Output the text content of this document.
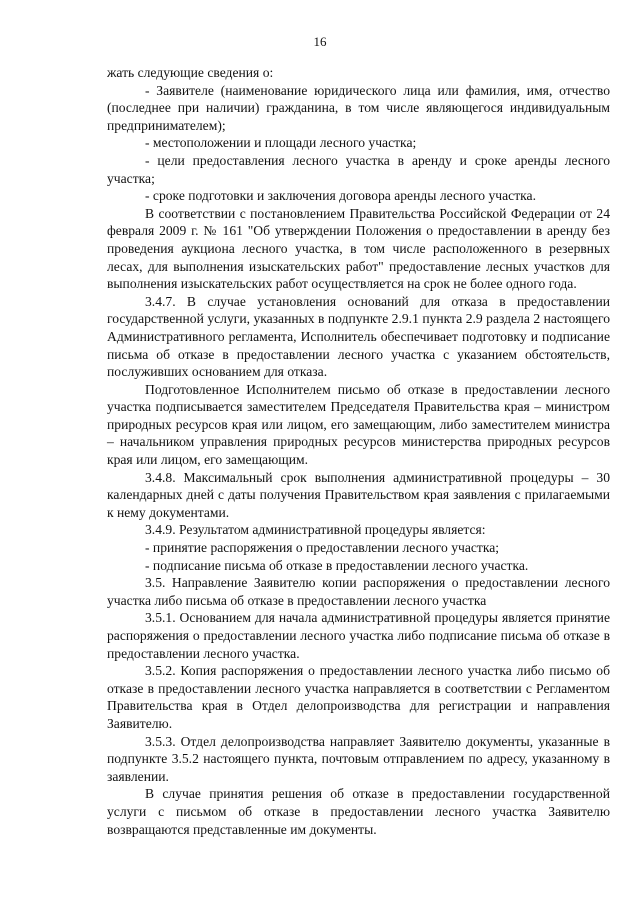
16

жать следующие сведения о:

- Заявителе (наименование юридического лица или фамилия, имя, отчество (последнее при наличии) гражданина, в том числе являющегося индивидуальным предпринимателем);

- местоположении и площади лесного участка;

- цели предоставления лесного участка в аренду и сроке аренды лесного участка;

- сроке подготовки и заключения договора аренды лесного участка.

В соответствии с постановлением Правительства Российской Федерации от 24 февраля 2009 г. № 161 "Об утверждении Положения о предоставлении в аренду без проведения аукциона лесного участка, в том числе расположенного в резервных лесах, для выполнения изыскательских работ" предоставление лесных участков для выполнения изыскательских работ осуществляется на срок не более одного года.

3.4.7. В случае установления оснований для отказа в предоставлении государственной услуги, указанных в подпункте 2.9.1 пункта 2.9 раздела 2 настоящего Административного регламента, Исполнитель обеспечивает подготовку и подписание письма об отказе в предоставлении лесного участка с указанием обстоятельств, послуживших основанием для отказа.

Подготовленное Исполнителем письмо об отказе в предоставлении лесного участка подписывается заместителем Председателя Правительства края – министром природных ресурсов края или лицом, его замещающим, либо заместителем министра – начальником управления природных ресурсов министерства природных ресурсов края или лицом, его замещающим.

3.4.8. Максимальный срок выполнения административной процедуры – 30 календарных дней с даты получения Правительством края заявления с прилагаемыми к нему документами.

3.4.9. Результатом административной процедуры является:

- принятие распоряжения о предоставлении лесного участка;

- подписание письма об отказе в предоставлении лесного участка.

3.5. Направление Заявителю копии распоряжения о предоставлении лесного участка либо письма об отказе в предоставлении лесного участка

3.5.1. Основанием для начала административной процедуры является принятие распоряжения о предоставлении лесного участка либо подписание письма об отказе в предоставлении лесного участка.

3.5.2. Копия распоряжения о предоставлении лесного участка либо письмо об отказе в предоставлении лесного участка направляется в соответствии с Регламентом Правительства края в Отдел делопроизводства для регистрации и направления Заявителю.

3.5.3. Отдел делопроизводства направляет Заявителю документы, указанные в подпункте 3.5.2 настоящего пункта, почтовым отправлением по адресу, указанному в заявлении.

В случае принятия решения об отказе в предоставлении государственной услуги с письмом об отказе в предоставлении лесного участка Заявителю возвращаются представленные им документы.
